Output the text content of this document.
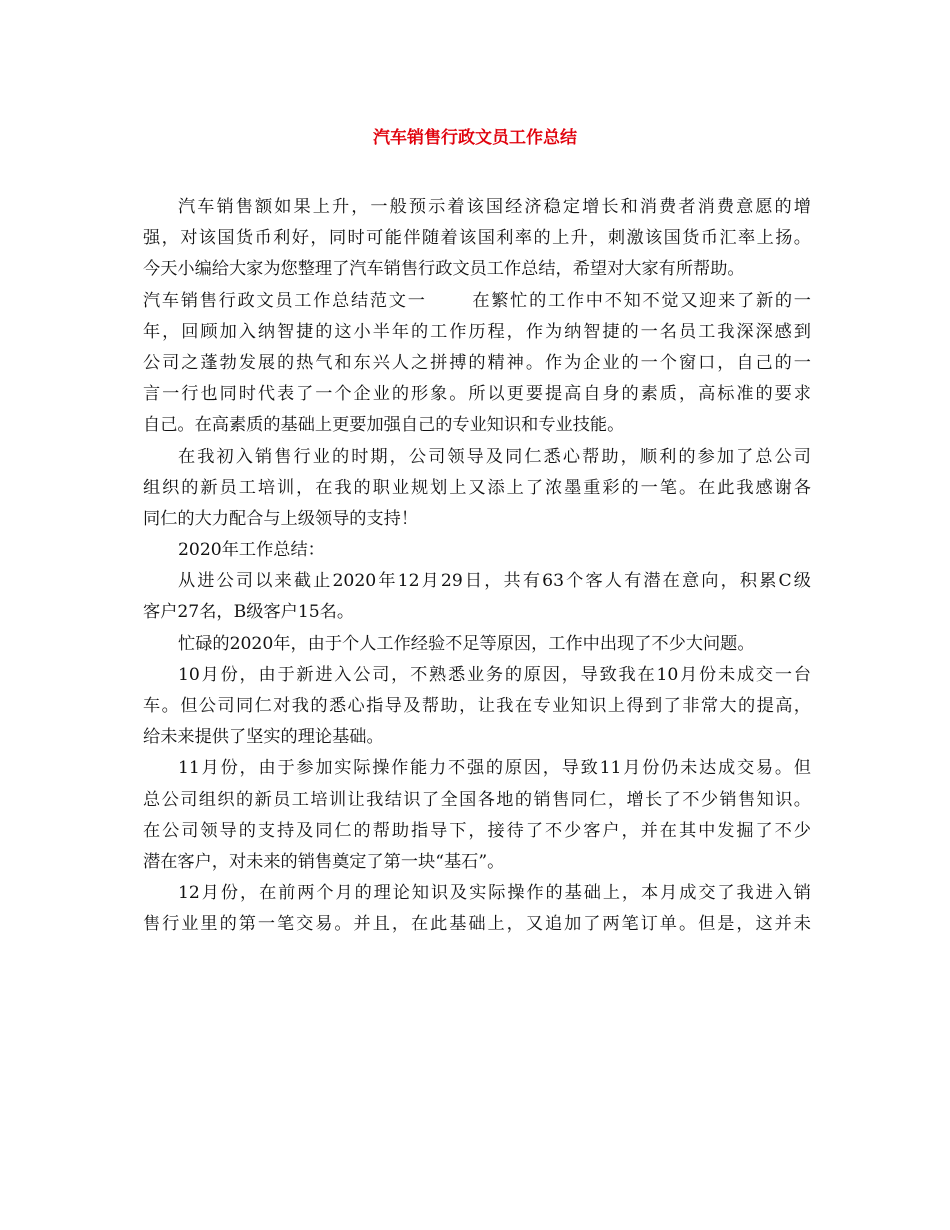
汽车销售行政文员工作总结
汽车销售额如果上升，一般预示着该国经济稳定增长和消费者消费意愿的增
强，对该国货币利好，同时可能伴随着该国利率的上升，刺激该国货币汇率上扬。
今天小编给大家为您整理了汽车销售行政文员工作总结，希望对大家有所帮助。
汽车销售行政文员工作总结范文一	在繁忙的工作中不知不觉又迎来了新的一
年，回顾加入纳智捷的这小半年的工作历程，作为纳智捷的一名员工我深深感到
公司之蓬勃发展的热气和东兴人之拼搏的精神。作为企业的一个窗口，自己的一
言一行也同时代表了一个企业的形象。所以更要提高自身的素质，高标准的要求
自己。在高素质的基础上更要加强自己的专业知识和专业技能。
在我初入销售行业的时期，公司领导及同仁悉心帮助，顺利的参加了总公司
组织的新员工培训，在我的职业规划上又添上了浓墨重彩的一笔。在此我感谢各
同仁的大力配合与上级领导的支持！
2020年工作总结：
从进公司以来截止2020年12月29日，共有63个客人有潜在意向，积累C级
客户27名，B级客户15名。
忙碌的2020年，由于个人工作经验不足等原因，工作中出现了不少大问题。
10月份，由于新进入公司，不熟悉业务的原因，导致我在10月份未成交一台
车。但公司同仁对我的悉心指导及帮助，让我在专业知识上得到了非常大的提高，
给未来提供了坚实的理论基础。
11月份，由于参加实际操作能力不强的原因，导致11月份仍未达成交易。但
总公司组织的新员工培训让我结识了全国各地的销售同仁，增长了不少销售知识。
在公司领导的支持及同仁的帮助指导下，接待了不少客户，并在其中发掘了不少
潜在客户，对未来的销售奠定了第一块“基石”。
12月份，在前两个月的理论知识及实际操作的基础上，本月成交了我进入销
售行业里的第一笔交易。并且，在此基础上，又追加了两笔订单。但是，这并未
